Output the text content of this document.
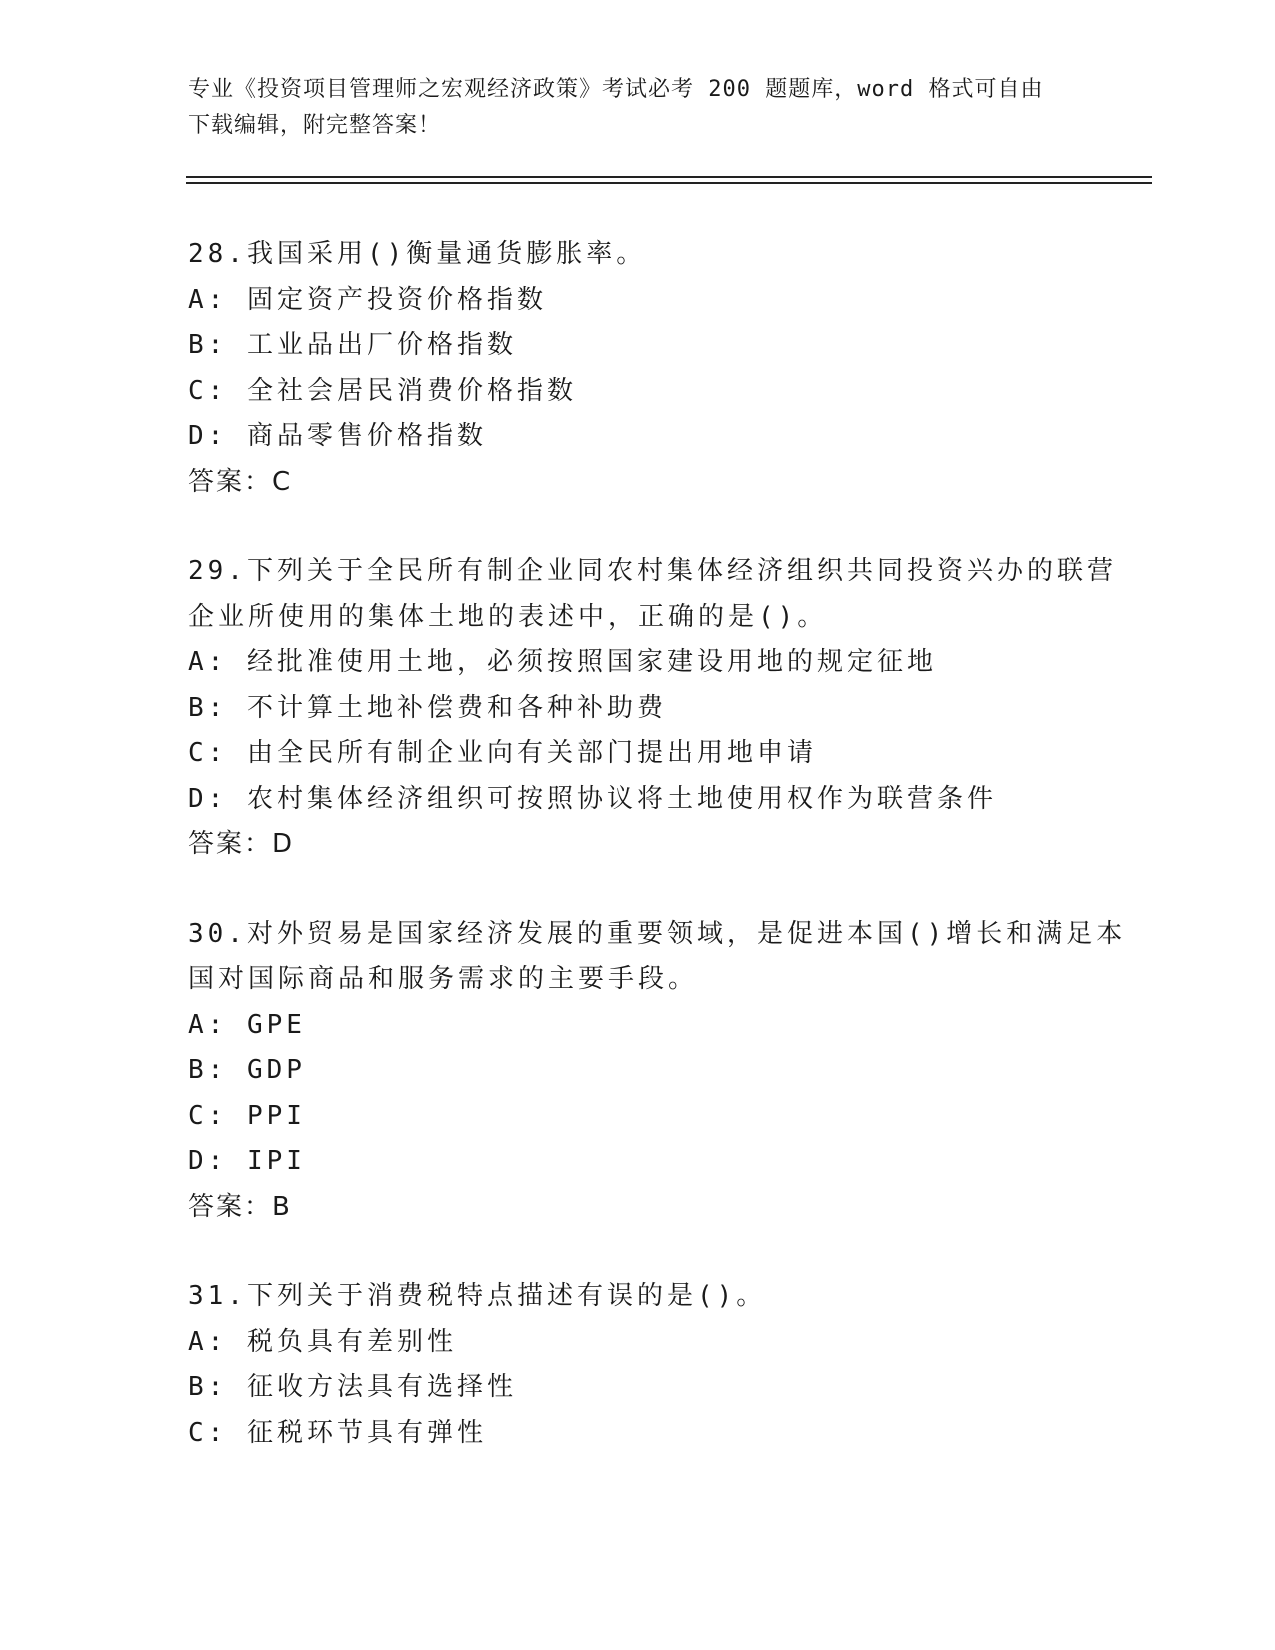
专业《投资项目管理师之宏观经济政策》考试必考 200 题题库，word 格式可自由
下载编辑，附完整答案！
28.我国采用()衡量通货膨胀率。
A: 固定资产投资价格指数
B: 工业品出厂价格指数
C: 全社会居民消费价格指数
D: 商品零售价格指数
答案：C
29.下列关于全民所有制企业同农村集体经济组织共同投资兴办的联营
企业所使用的集体土地的表述中，正确的是()。
A: 经批准使用土地，必须按照国家建设用地的规定征地
B: 不计算土地补偿费和各种补助费
C: 由全民所有制企业向有关部门提出用地申请
D: 农村集体经济组织可按照协议将土地使用权作为联营条件
答案：D
30.对外贸易是国家经济发展的重要领域，是促进本国()增长和满足本
国对国际商品和服务需求的主要手段。
A: GPE
B: GDP
C: PPI
D: IPI
答案：B
31.下列关于消费税特点描述有误的是()。
A: 税负具有差别性
B: 征收方法具有选择性
C: 征税环节具有弹性
